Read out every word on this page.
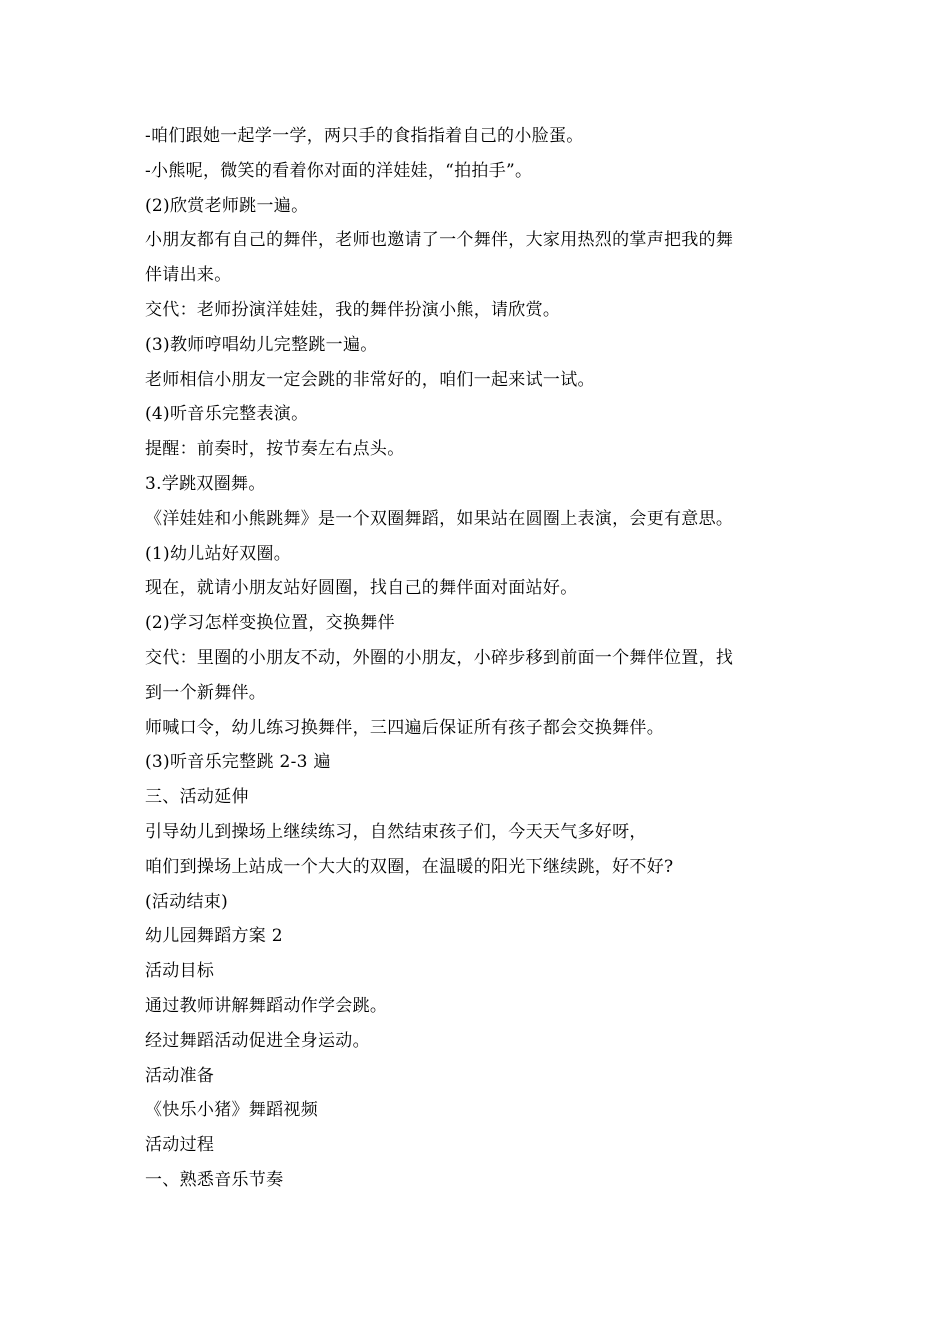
-咱们跟她一起学一学，两只手的食指指着自己的小脸蛋。
-小熊呢，微笑的看着你对面的洋娃娃，“拍拍手”。
(2)欣赏老师跳一遍。
小朋友都有自己的舞伴，老师也邀请了一个舞伴，大家用热烈的掌声把我的舞
伴请出来。
交代：老师扮演洋娃娃，我的舞伴扮演小熊，请欣赏。
(3)教师哼唱幼儿完整跳一遍。
老师相信小朋友一定会跳的非常好的，咱们一起来试一试。
(4)听音乐完整表演。
提醒：前奏时，按节奏左右点头。
3.学跳双圈舞。
《洋娃娃和小熊跳舞》是一个双圈舞蹈，如果站在圆圈上表演，会更有意思。
(1)幼儿站好双圈。
现在，就请小朋友站好圆圈，找自己的舞伴面对面站好。
(2)学习怎样变换位置，交换舞伴
交代：里圈的小朋友不动，外圈的小朋友，小碎步移到前面一个舞伴位置，找
到一个新舞伴。
师喊口令，幼儿练习换舞伴，三四遍后保证所有孩子都会交换舞伴。
(3)听音乐完整跳 2-3 遍
三、活动延伸
引导幼儿到操场上继续练习，自然结束孩子们，今天天气多好呀，
咱们到操场上站成一个大大的双圈，在温暖的阳光下继续跳，好不好?
(活动结束)
幼儿园舞蹈方案 2
活动目标
通过教师讲解舞蹈动作学会跳。
经过舞蹈活动促进全身运动。
活动准备
《快乐小猪》舞蹈视频
活动过程
一、熟悉音乐节奏
